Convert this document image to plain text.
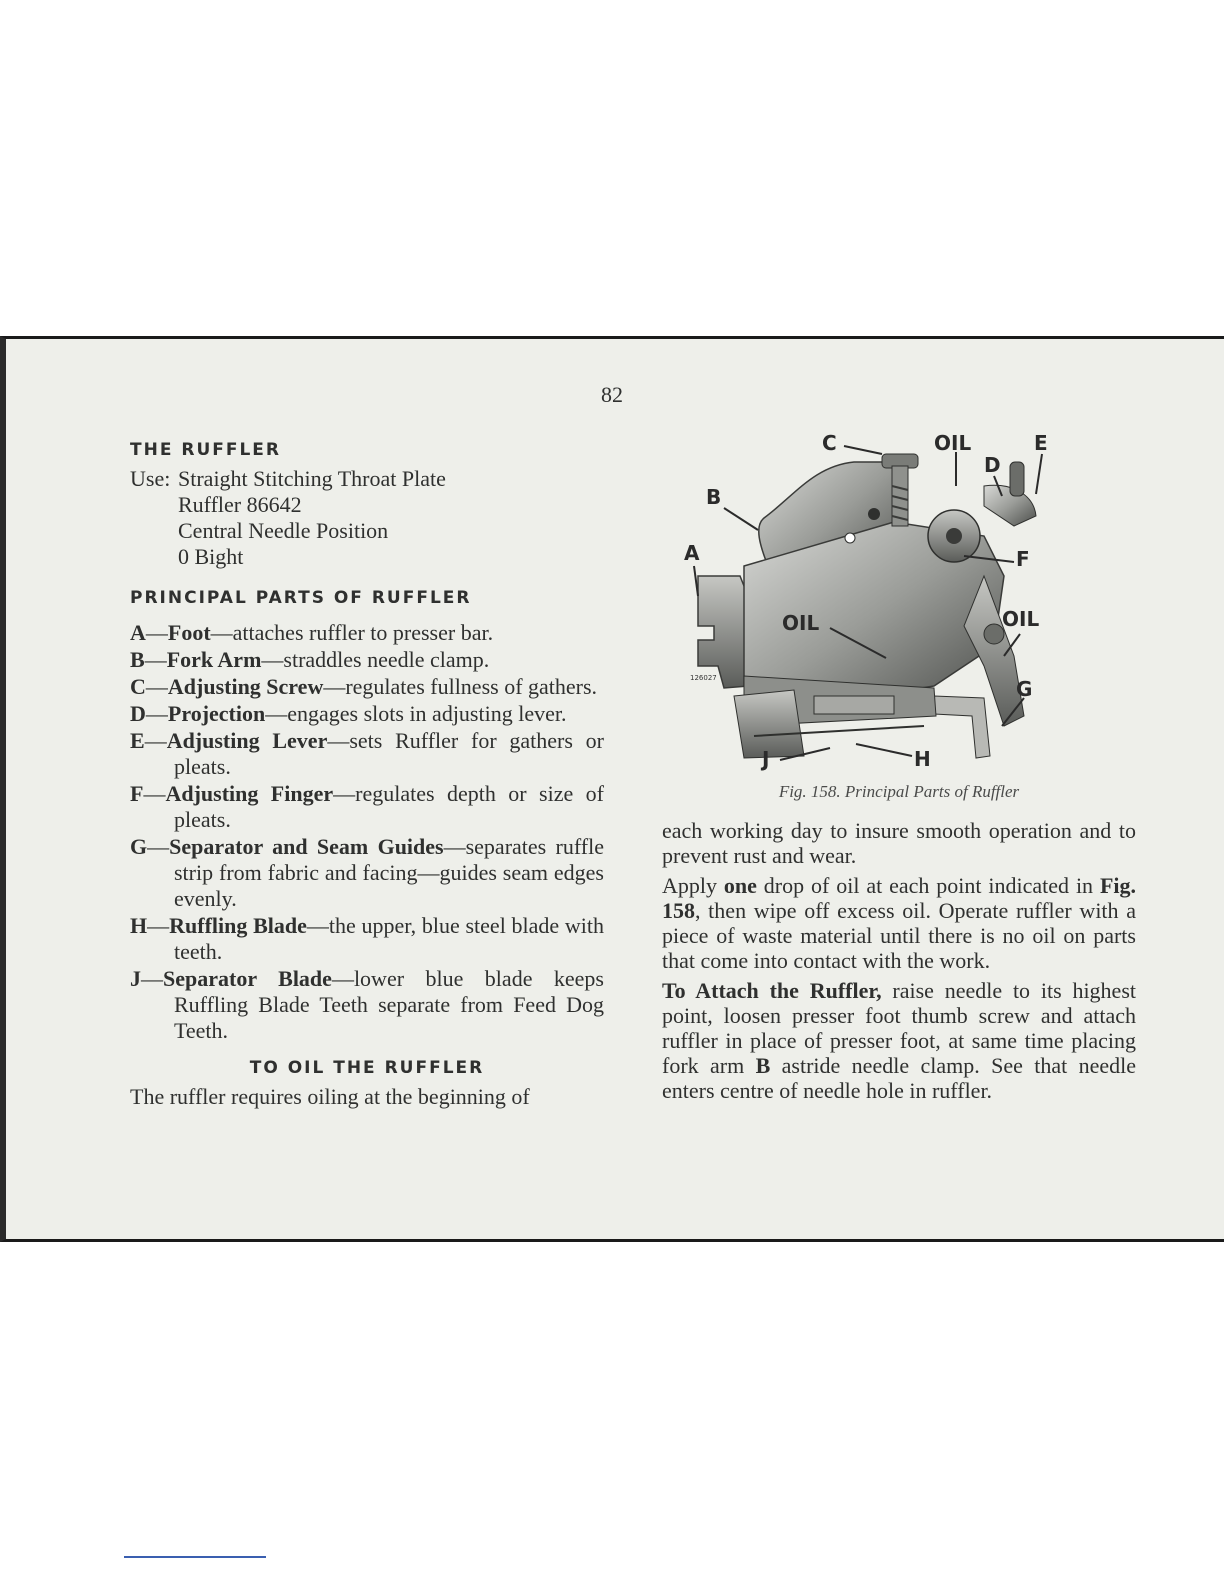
82
THE RUFFLER
Use: Straight Stitching Throat Plate
Ruffler 86642
Central Needle Position
0 Bight
PRINCIPAL PARTS OF RUFFLER
A—Foot—attaches ruffler to presser bar.
B—Fork Arm—straddles needle clamp.
C—Adjusting Screw—regulates fullness of gathers.
D—Projection—engages slots in adjusting lever.
E—Adjusting Lever—sets Ruffler for gathers or pleats.
F—Adjusting Finger—regulates depth or size of pleats.
G—Separator and Seam Guides—separates ruffle strip from fabric and facing—guides seam edges evenly.
H—Ruffling Blade—the upper, blue steel blade with teeth.
J—Separator Blade—lower blue blade keeps Ruffling Blade Teeth separate from Feed Dog Teeth.
TO OIL THE RUFFLER

The ruffler requires oiling at the beginning of

C	OIL
D
E
B
A	F
OIL	OIL
G
J	H
126027
Fig. 158. Principal Parts of Ruffler

each working day to insure smooth operation and to prevent rust and wear.

Apply one drop of oil at each point indicated in Fig. 158, then wipe off excess oil. Operate ruffler with a piece of waste material until there is no oil on parts that come into contact with the work.

To Attach the Ruffler, raise needle to its highest point, loosen presser foot thumb screw and attach ruffler in place of presser foot, at same time placing fork arm B astride needle clamp. See that needle enters centre of needle hole in ruffler.
